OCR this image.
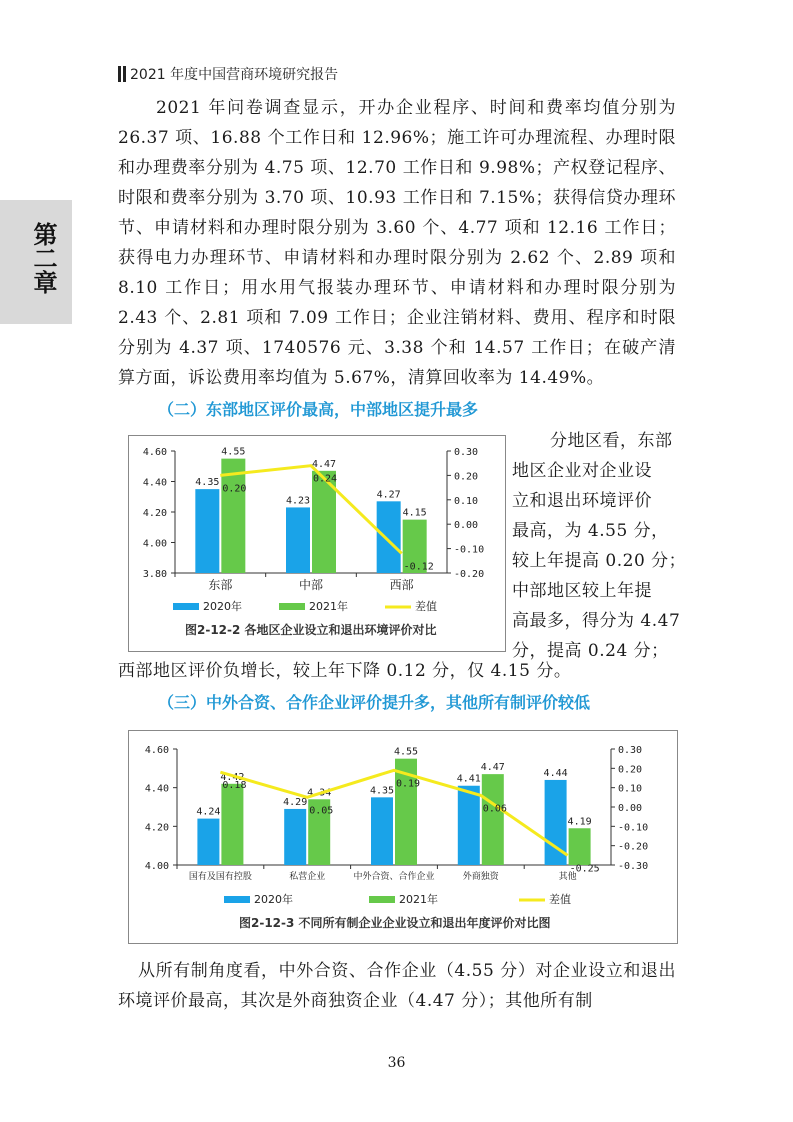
2021 年度中国营商环境研究报告
第二章
2021 年问卷调查显示，开办企业程序、时间和费率均值分别为 26.37 项、16.88 个工作日和 12.96%；施工许可办理流程、办理时限和办理费率分别为 4.75 项、12.70 工作日和 9.98%；产权登记程序、时限和费率分别为 3.70 项、10.93 工作日和 7.15%；获得信贷办理环节、申请材料和办理时限分别为 3.60 个、4.77 项和 12.16 工作日；获得电力办理环节、申请材料和办理时限分别为 2.62 个、2.89 项和 8.10 工作日；用水用气报装办理环节、申请材料和办理时限分别为 2.43 个、2.81 项和 7.09 工作日；企业注销材料、费用、程序和时限分别为 4.37 项、1740576 元、3.38 个和 14.57 工作日；在破产清算方面，诉讼费用率均值为 5.67%，清算回收率为 14.49%。
（二）东部地区评价最高，中部地区提升最多
3.80
4.00
4.20
4.40
4.60
-0.20
-0.10
0.00
0.10
0.20
0.30
4.35
4.55
东部
4.23
4.47
中部
4.27
4.15
西部
0.20
0.24
-0.12
2020年	2021年	差值
图2-12-2 各地区企业设立和退出环境评价对比
分地区看，东部
地区企业对企业设
立和退出环境评价
最高，为 4.55 分，
较上年提高 0.20 分；
中部地区较上年提
高最多，得分为 4.47
分，提高 0.24 分；
西部地区评价负增长，较上年下降 0.12 分，仅 4.15 分。
（三）中外合资、合作企业评价提升多，其他所有制评价较低
4.00
4.20
4.40
4.60
-0.30
-0.20
-0.10
0.00
0.10
0.20
0.30
4.24
4.42
国有及国有控股
4.29
4.34
私营企业
4.35
4.55
中外合资、合作企业
4.41
4.47
外商独资
4.44
4.19
其他
0.18
0.05
0.19
0.06
-0.25
2020年	2021年	差值
图2-12-3 不同所有制企业企业设立和退出年度评价对比图
从所有制角度看，中外合资、合作企业（4.55 分）对企业设立和退出环境评价最高，其次是外商独资企业（4.47 分）；其他所有制
36
